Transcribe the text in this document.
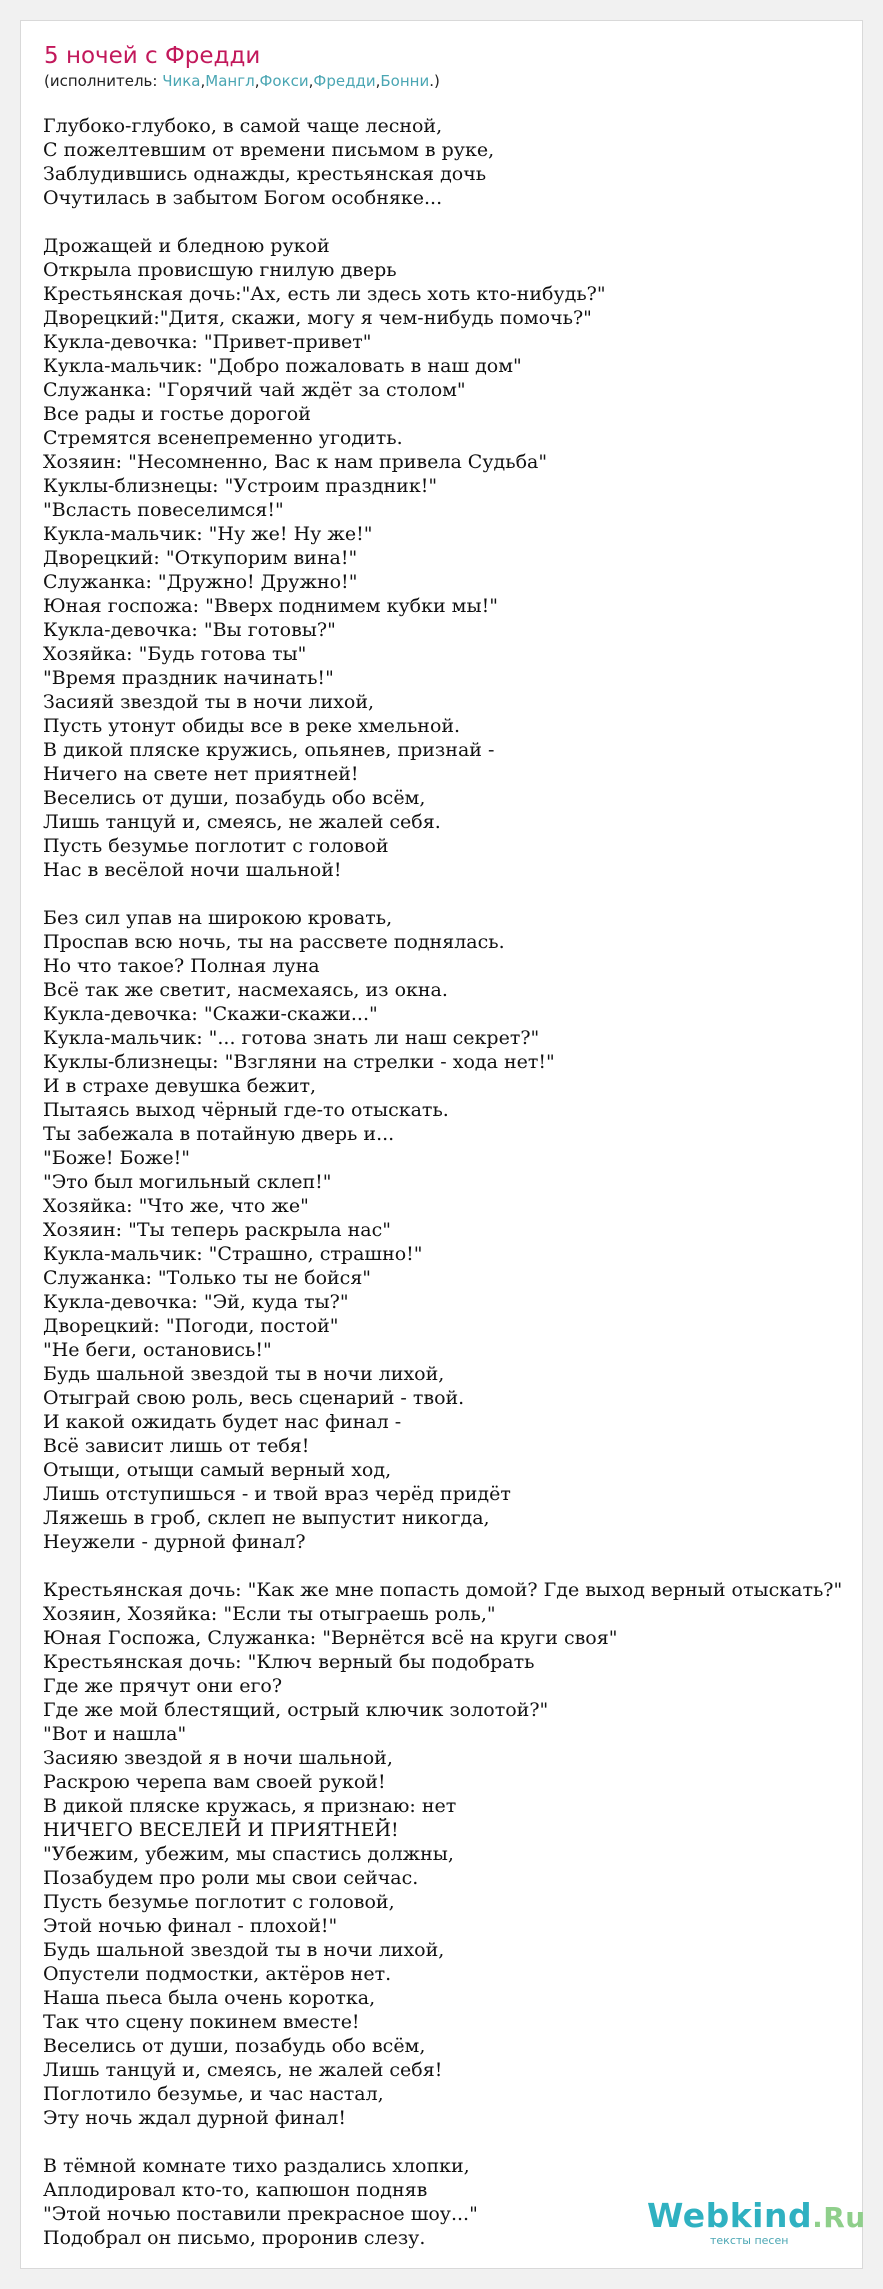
5 ночей с Фредди
(исполнитель: Чика,Мангл,Фокси,Фредди,Бонни.)
Глубоко-глубоко, в самой чаще лесной,
С пожелтевшим от времени письмом в руке,
Заблудившись однажды, крестьянская дочь
Очутилась в забытом Богом особняке...
Дрожащей и бледною рукой
Открыла провисшую гнилую дверь
Крестьянская дочь:"Ах, есть ли здесь хоть кто-нибудь?"
Дворецкий:"Дитя, скажи, могу я чем-нибудь помочь?"
Кукла-девочка: "Привет-привет"
Кукла-мальчик: "Добро пожаловать в наш дом"
Служанка: "Горячий чай ждёт за столом"
Все рады и гостье дорогой
Стремятся всенепременно угодить.
Хозяин: "Несомненно, Вас к нам привела Судьба"
Куклы-близнецы: "Устроим праздник!"
"Всласть повеселимся!"
Кукла-мальчик: "Ну же! Ну же!"
Дворецкий: "Откупорим вина!"
Служанка: "Дружно! Дружно!"
Юная госпожа: "Вверх поднимем кубки мы!"
Кукла-девочка: "Вы готовы?"
Хозяйка: "Будь готова ты"
"Время праздник начинать!"
Засияй звездой ты в ночи лихой,
Пусть утонут обиды все в реке хмельной.
В дикой пляске кружись, опьянев, признай -
Ничего на свете нет приятней!
Веселись от души, позабудь обо всём,
Лишь танцуй и, смеясь, не жалей себя.
Пусть безумье поглотит с головой
Нас в весёлой ночи шальной!
Без сил упав на широкою кровать,
Проспав всю ночь, ты на рассвете поднялась.
Но что такое? Полная луна
Всё так же светит, насмехаясь, из окна.
Кукла-девочка: "Скажи-скажи..."
Кукла-мальчик: "... готова знать ли наш секрет?"
Куклы-близнецы: "Взгляни на стрелки - хода нет!"
И в страхе девушка бежит,
Пытаясь выход чёрный где-то отыскать.
Ты забежала в потайную дверь и...
"Боже! Боже!"
"Это был могильный склеп!"
Хозяйка: "Что же, что же"
Хозяин: "Ты теперь раскрыла нас"
Кукла-мальчик: "Страшно, страшно!"
Служанка: "Только ты не бойся"
Кукла-девочка: "Эй, куда ты?"
Дворецкий: "Погоди, постой"
"Не беги, остановись!"
Будь шальной звездой ты в ночи лихой,
Отыграй свою роль, весь сценарий - твой.
И какой ожидать будет нас финал -
Всё зависит лишь от тебя!
Отыщи, отыщи самый верный ход,
Лишь отступишься - и твой враз черёд придёт
Ляжешь в гроб, склеп не выпустит никогда,
Неужели - дурной финал?
Крестьянская дочь: "Как же мне попасть домой? Где выход верный отыскать?"
Хозяин, Хозяйка: "Если ты отыграешь роль,"
Юная Госпожа, Служанка: "Вернётся всё на круги своя"
Крестьянская дочь: "Ключ верный бы подобрать
Где же прячут они его?
Где же мой блестящий, острый ключик золотой?"
"Вот и нашла"
Засияю звездой я в ночи шальной,
Раскрою черепа вам своей рукой!
В дикой пляске кружась, я признаю: нет
НИЧЕГО ВЕСЕЛЕЙ И ПРИЯТНЕЙ!
"Убежим, убежим, мы спастись должны,
Позабудем про роли мы свои сейчас.
Пусть безумье поглотит с головой,
Этой ночью финал - плохой!"
Будь шальной звездой ты в ночи лихой,
Опустели подмостки, актёров нет.
Наша пьеса была очень коротка,
Так что сцену покинем вместе!
Веселись от души, позабудь обо всём,
Лишь танцуй и, смеясь, не жалей себя!
Поглотило безумье, и час настал,
Эту ночь ждал дурной финал!
В тёмной комнате тихо раздались хлопки,
Аплодировал кто-то, капюшон подняв
"Этой ночью поставили прекрасное шоу..."
Подобрал он письмо, проронив слезу.
Webkind.Ru
тексты песен
